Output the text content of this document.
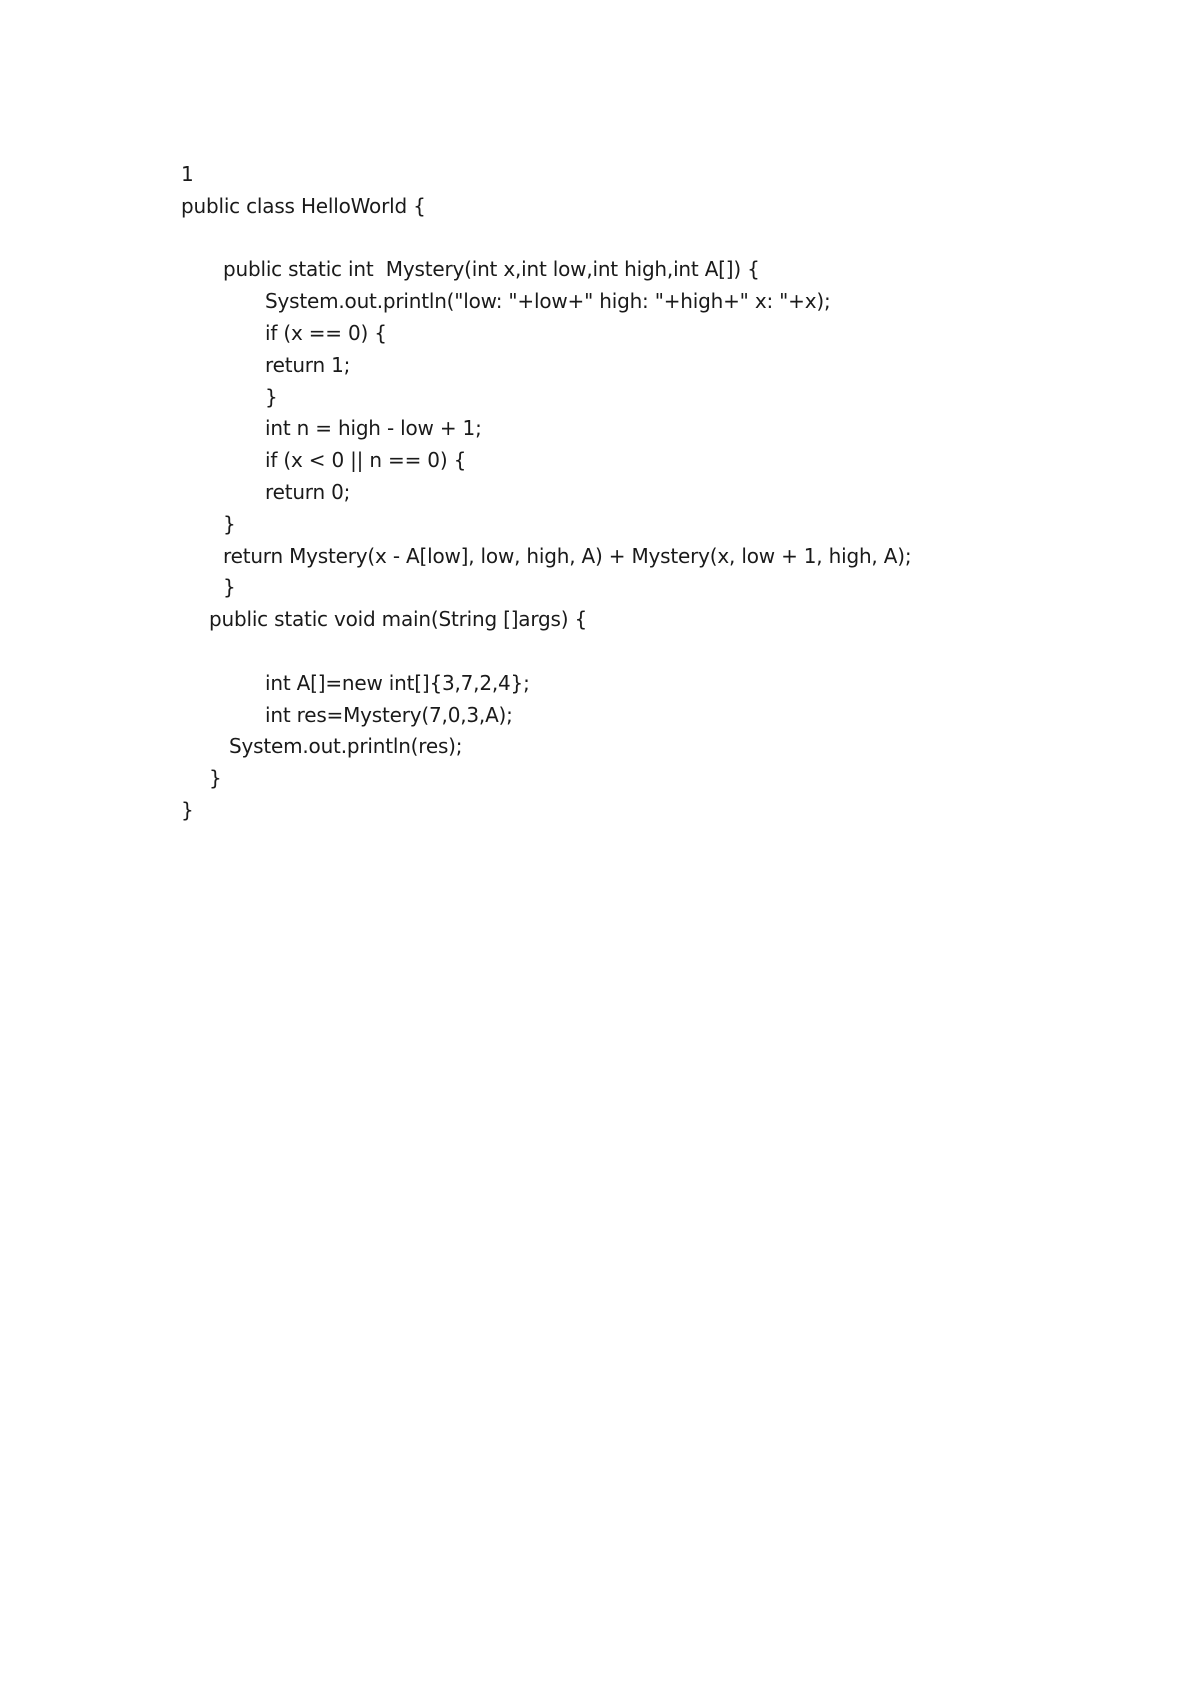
1
public class HelloWorld {
public static int  Mystery(int x,int low,int high,int A[]) {
System.out.println("low: "+low+" high: "+high+" x: "+x);
if (x == 0) {
return 1;
}
int n = high - low + 1;
if (x < 0 || n == 0) {
return 0;
}
return Mystery(x - A[low], low, high, A) + Mystery(x, low + 1, high, A);
}
public static void main(String []args) {
int A[]=new int[]{3,7,2,4};
int res=Mystery(7,0,3,A);
System.out.println(res);
}
}
